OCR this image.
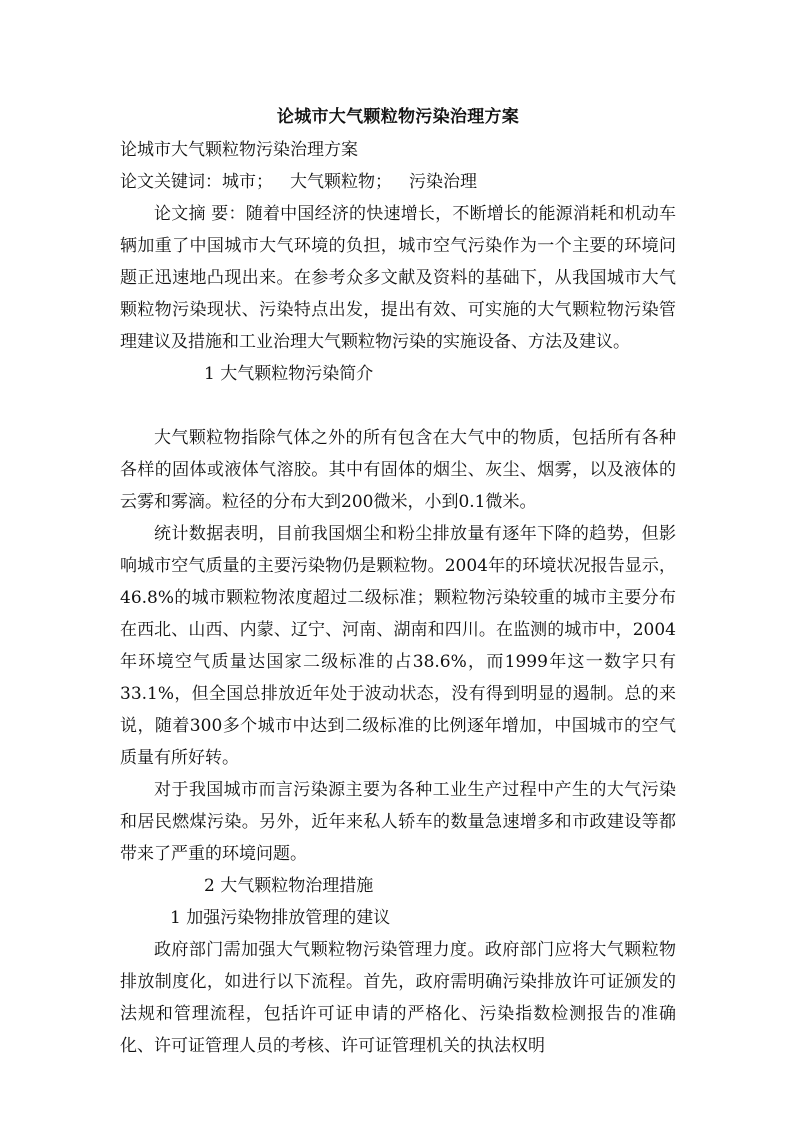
论城市大气颗粒物污染治理方案

论城市大气颗粒物污染治理方案

论文关键词：城市； 大气颗粒物； 污染治理

论文摘 要：随着中国经济的快速增长，不断增长的能源消耗和机动车辆加重了中国城市大气环境的负担，城市空气污染作为一个主要的环境问题正迅速地凸现出来。在参考众多文献及资料的基础下，从我国城市大气颗粒物污染现状、污染特点出发，提出有效、可实施的大气颗粒物污染管理建议及措施和工业治理大气颗粒物污染的实施设备、方法及建议。

1 大气颗粒物污染简介

大气颗粒物指除气体之外的所有包含在大气中的物质，包括所有各种各样的固体或液体气溶胶。其中有固体的烟尘、灰尘、烟雾，以及液体的云雾和雾滴。粒径的分布大到200微米，小到0.1微米。

统计数据表明，目前我国烟尘和粉尘排放量有逐年下降的趋势，但影响城市空气质量的主要污染物仍是颗粒物。2004年的环境状况报告显示，46.8%的城市颗粒物浓度超过二级标准；颗粒物污染较重的城市主要分布在西北、山西、内蒙、辽宁、河南、湖南和四川。在监测的城市中，2004年环境空气质量达国家二级标准的占38.6%，而1999年这一数字只有33.1%，但全国总排放近年处于波动状态，没有得到明显的遏制。总的来说，随着300多个城市中达到二级标准的比例逐年增加，中国城市的空气质量有所好转。

对于我国城市而言污染源主要为各种工业生产过程中产生的大气污染和居民燃煤污染。另外，近年来私人轿车的数量急速增多和市政建设等都带来了严重的环境问题。

2 大气颗粒物治理措施

1 加强污染物排放管理的建议

政府部门需加强大气颗粒物污染管理力度。政府部门应将大气颗粒物排放制度化，如进行以下流程。首先，政府需明确污染排放许可证颁发的法规和管理流程，包括许可证申请的严格化、污染指数检测报告的准确化、许可证管理人员的考核、许可证管理机关的执法权明
